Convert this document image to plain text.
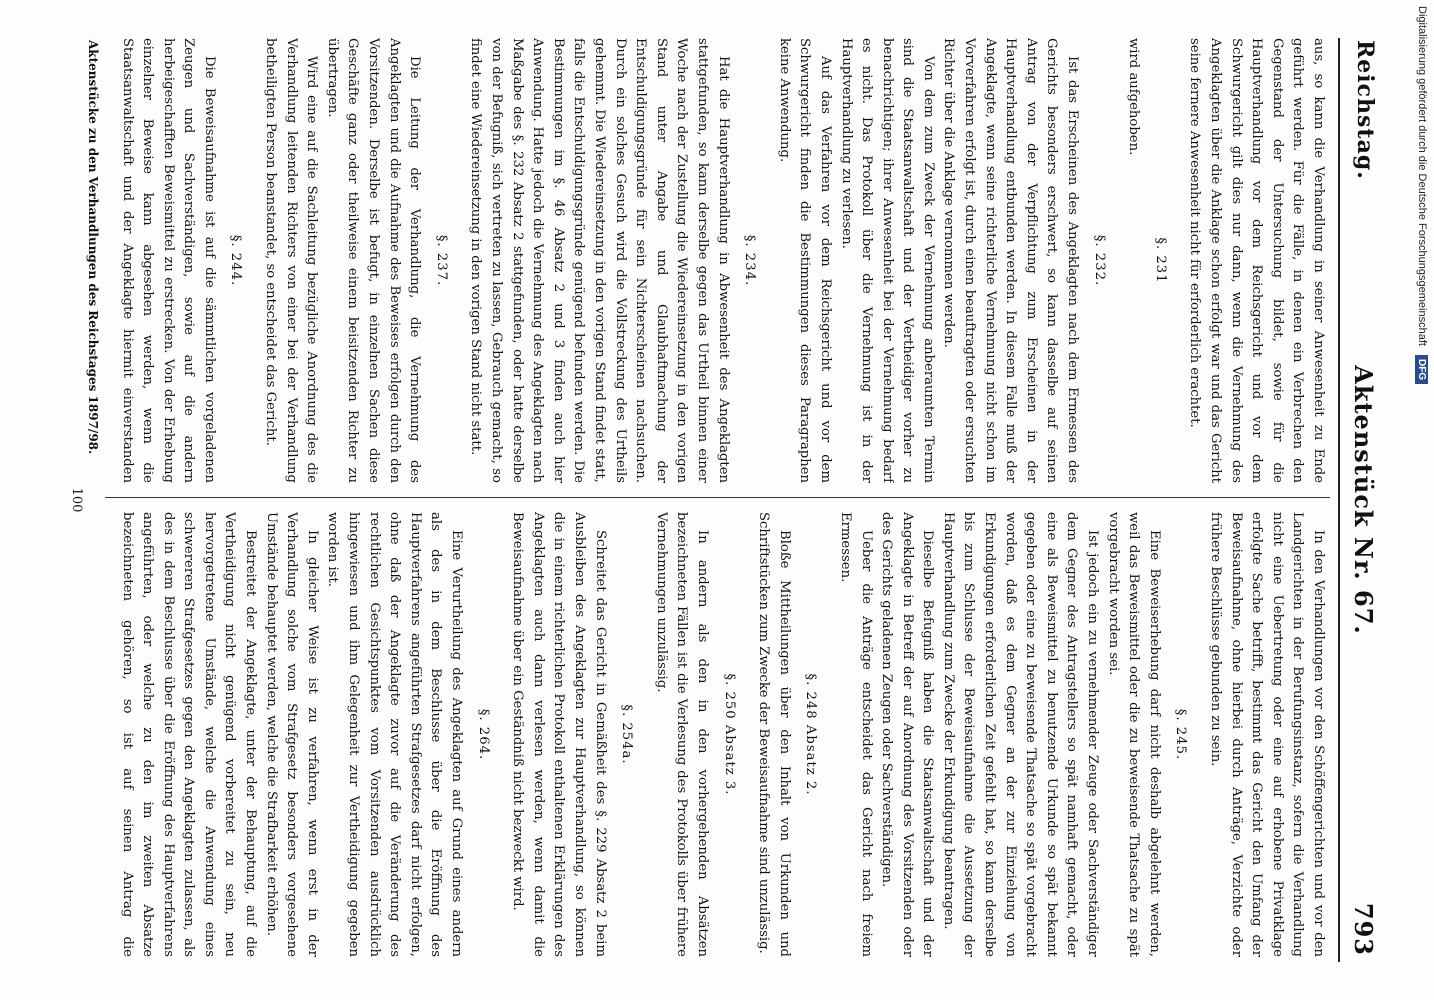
Reichstag.
Aktenstück Nr. 67.
793

aus, so kann die Verhandlung in seiner Anwesenheit zu Ende geführt werden. Für die Fälle, in denen ein Verbrechen den Gegenstand der Untersuchung bildet, sowie für die Hauptverhandlung vor dem Reichsgericht und vor dem Schwurgericht gilt dies nur dann, wenn die Vernehmung des Angeklagten über die Anklage schon erfolgt war und das Gericht seine fernere Anwesenheit nicht für erforderlich erachtet.

§. 231

wird aufgehoben.

§. 232.

Ist das Erscheinen des Angeklagten nach dem Ermessen des Gerichts besonders erschwert, so kann dasselbe auf seinen Antrag von der Verpflichtung zum Erscheinen in der Hauptverhandlung entbunden werden. In diesem Falle muß der Angeklagte, wenn seine richterliche Vernehmung nicht schon im Vorverfahren erfolgt ist, durch einen beauftragten oder ersuchten Richter über die Anklage vernommen werden.

Von dem zum Zweck der Vernehmung anberaumten Termin sind die Staatsanwaltschaft und der Vertheidiger vorher zu benachrichtigen; ihrer Anwesenheit bei der Vernehmung bedarf es nicht. Das Protokoll über die Vernehmung ist in der Hauptverhandlung zu verlesen.

Auf das Verfahren vor dem Reichsgericht und vor dem Schwurgericht finden die Bestimmungen dieses Paragraphen keine Anwendung.

§. 234.

Hat die Hauptverhandlung in Abwesenheit des Angeklagten stattgefunden, so kann derselbe gegen das Urtheil binnen einer Woche nach der Zustellung die Wiedereinsetzung in den vorigen Stand unter Angabe und Glaubhaftmachung der Entschuldigungsgründe für sein Nichterscheinen nachsuchen. Durch ein solches Gesuch wird die Vollstreckung des Urtheils gehemmt. Die Wiedereinsetzung in den vorigen Stand findet statt, falls die Entschuldigungsgründe genügend befunden werden. Die Bestimmungen im §. 46 Absatz 2 und 3 finden auch hier Anwendung. Hatte jedoch die Vernehmung des Angeklagten nach Maßgabe des §. 232 Absatz 2 stattgefunden, oder hatte derselbe von der Befugniß, sich vertreten zu lassen, Gebrauch gemacht, so findet eine Wiedereinsetzung in den vorigen Stand nicht statt.

§. 237.

Die Leitung der Verhandlung, die Vernehmung des Angeklagten und die Aufnahme des Beweises erfolgen durch den Vorsitzenden. Derselbe ist befugt, in einzelnen Sachen diese Geschäfte ganz oder theilweise einem beisitzenden Richter zu übertragen.

Wird eine auf die Sachleitung bezügliche Anordnung des die Verhandlung leitenden Richters von einer bei der Verhandlung betheiligten Person beanstandet, so entscheidet das Gericht.

§. 244.

Die Beweisaufnahme ist auf die sämmtlichen vorgeladenen Zeugen und Sachverständigen, sowie auf die andern herbeigeschafften Beweismittel zu erstrecken. Von der Erhebung einzelner Beweise kann abgesehen werden, wenn die Staatsanwaltschaft und der Angeklagte hiermit einverstanden

In den Verhandlungen vor den Schöffengerichten und vor den Landgerichten in der Berufungsinstanz, sofern die Verhandlung nicht eine Uebertretung oder eine auf erhobene Privatklage erfolgte Sache betrifft, bestimmt das Gericht den Umfang der Beweisaufnahme, ohne hierbei durch Anträge, Verzichte oder frühere Beschlüsse gebunden zu sein.

§. 245.

Eine Beweiserhebung darf nicht deshalb abgelehnt werden, weil das Beweismittel oder die zu beweisende Thatsache zu spät vorgebracht worden sei.

Ist jedoch ein zu vernehmender Zeuge oder Sachverständiger dem Gegner des Antragstellers so spät namhaft gemacht, oder eine als Beweismittel zu benutzende Urkunde so spät bekannt gegeben oder eine zu beweisende Thatsache so spät vorgebracht worden, daß es dem Gegner an der zur Einziehung von Erkundigungen erforderlichen Zeit gefehlt hat, so kann derselbe bis zum Schlusse der Beweisaufnahme die Aussetzung der Hauptverhandlung zum Zwecke der Erkundigung beantragen.

Dieselbe Befugniß haben die Staatsanwaltschaft und der Angeklagte in Betreff der auf Anordnung des Vorsitzenden oder des Gerichts geladenen Zeugen oder Sachverständigen.

Ueber die Anträge entscheidet das Gericht nach freiem Ermessen.

§. 248 Absatz 2.

Bloße Mittheilungen über den Inhalt von Urkunden und Schriftstücken zum Zwecke der Beweisaufnahme sind unzulässig.

§. 250 Absatz 3.

In andern als den in den vorhergehenden Absätzen bezeichneten Fällen ist die Verlesung des Protokolls über frühere Vernehmungen unzulässig.

§. 254a.

Schreitet das Gericht in Gemäßheit des §. 229 Absatz 2 beim Ausbleiben des Angeklagten zur Hauptverhandlung, so können die in einem richterlichen Protokoll enthaltenen Erklärungen des Angeklagten auch dann verlesen werden, wenn damit die Beweisaufnahme über ein Geständniß nicht bezweckt wird.

§. 264.

Eine Verurtheilung des Angeklagten auf Grund eines andern als des in dem Beschlusse über die Eröffnung des Hauptverfahrens angeführten Strafgesetzes darf nicht erfolgen, ohne daß der Angeklagte zuvor auf die Veränderung des rechtlichen Gesichtspunktes vom Vorsitzenden ausdrücklich hingewiesen und ihm Gelegenheit zur Vertheidigung gegeben worden ist.

In gleicher Weise ist zu verfahren, wenn erst in der Verhandlung solche vom Strafgesetz besonders vorgesehene Umstände behauptet werden, welche die Strafbarkeit erhöhen.

Bestreitet der Angeklagte, unter der Behauptung, auf die Vertheidigung nicht genügend vorbereitet zu sein, neu hervorgetretene Umstände, welche die Anwendung eines schwereren Strafgesetzes gegen den Angeklagten zulassen, als des in dem Beschlusse über die Eröffnung des Hauptverfahrens angeführten, oder welche zu den im zweiten Absatze bezeichneten gehören, so ist auf seinen Antrag die

Aktenstücke zu den Verhandlungen des Reichstages 1897/98.
100
Digitalisierung gefördert durch die Deutsche Forschungsgemeinschaft DFG
